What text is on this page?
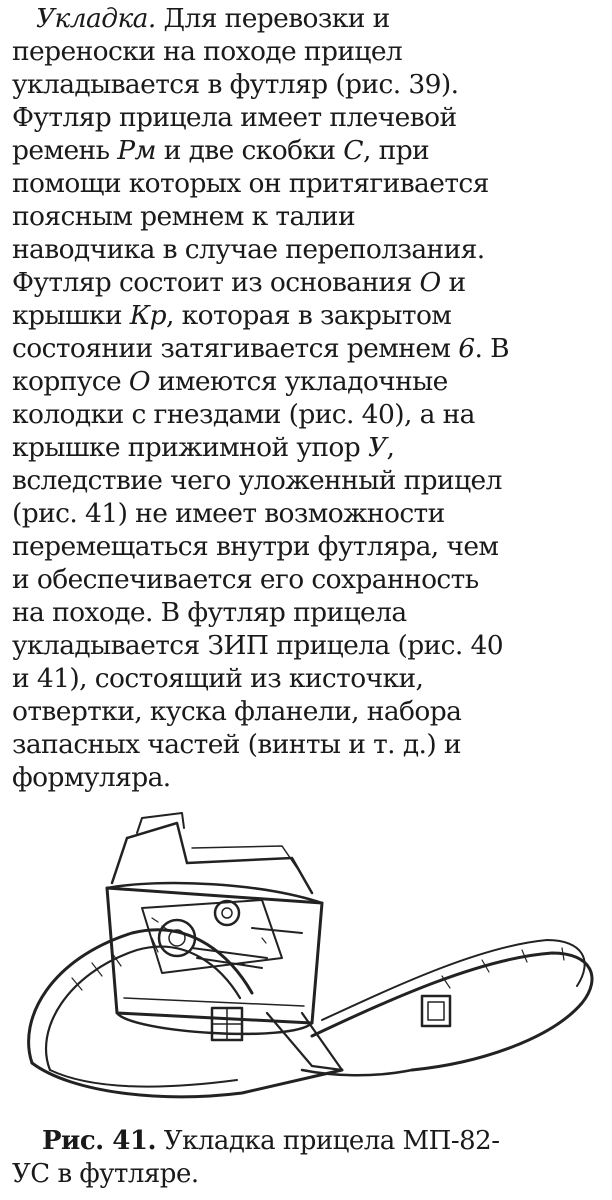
Укладка. Для перевозки и
переноски на походе прицел
укладывается в футляр (рис. 39).
Футляр прицела имеет плечевой
ремень Рм и две скобки С, при
помощи которых он притягивается
поясным ремнем к талии
наводчика в случае переползания.
Футляр состоит из основания О и
крышки Кр, которая в закрытом
состоянии затягивается ремнем 6. В
корпусе О имеются укладочные
колодки с гнездами (рис. 40), а на
крышке прижимной упор У,
вследствие чего уложенный прицел
(рис. 41) не имеет возможности
перемещаться внутри футляра, чем
и обеспечивается его сохранность
на походе. В футляр прицела
укладывается ЗИП прицела (рис. 40
и 41), состоящий из кисточки,
отвертки, куска фланели, набора
запасных частей (винты и т. д.) и
формуляра.
Рис. 41. Укладка прицела МП-82-
УС в футляре.
